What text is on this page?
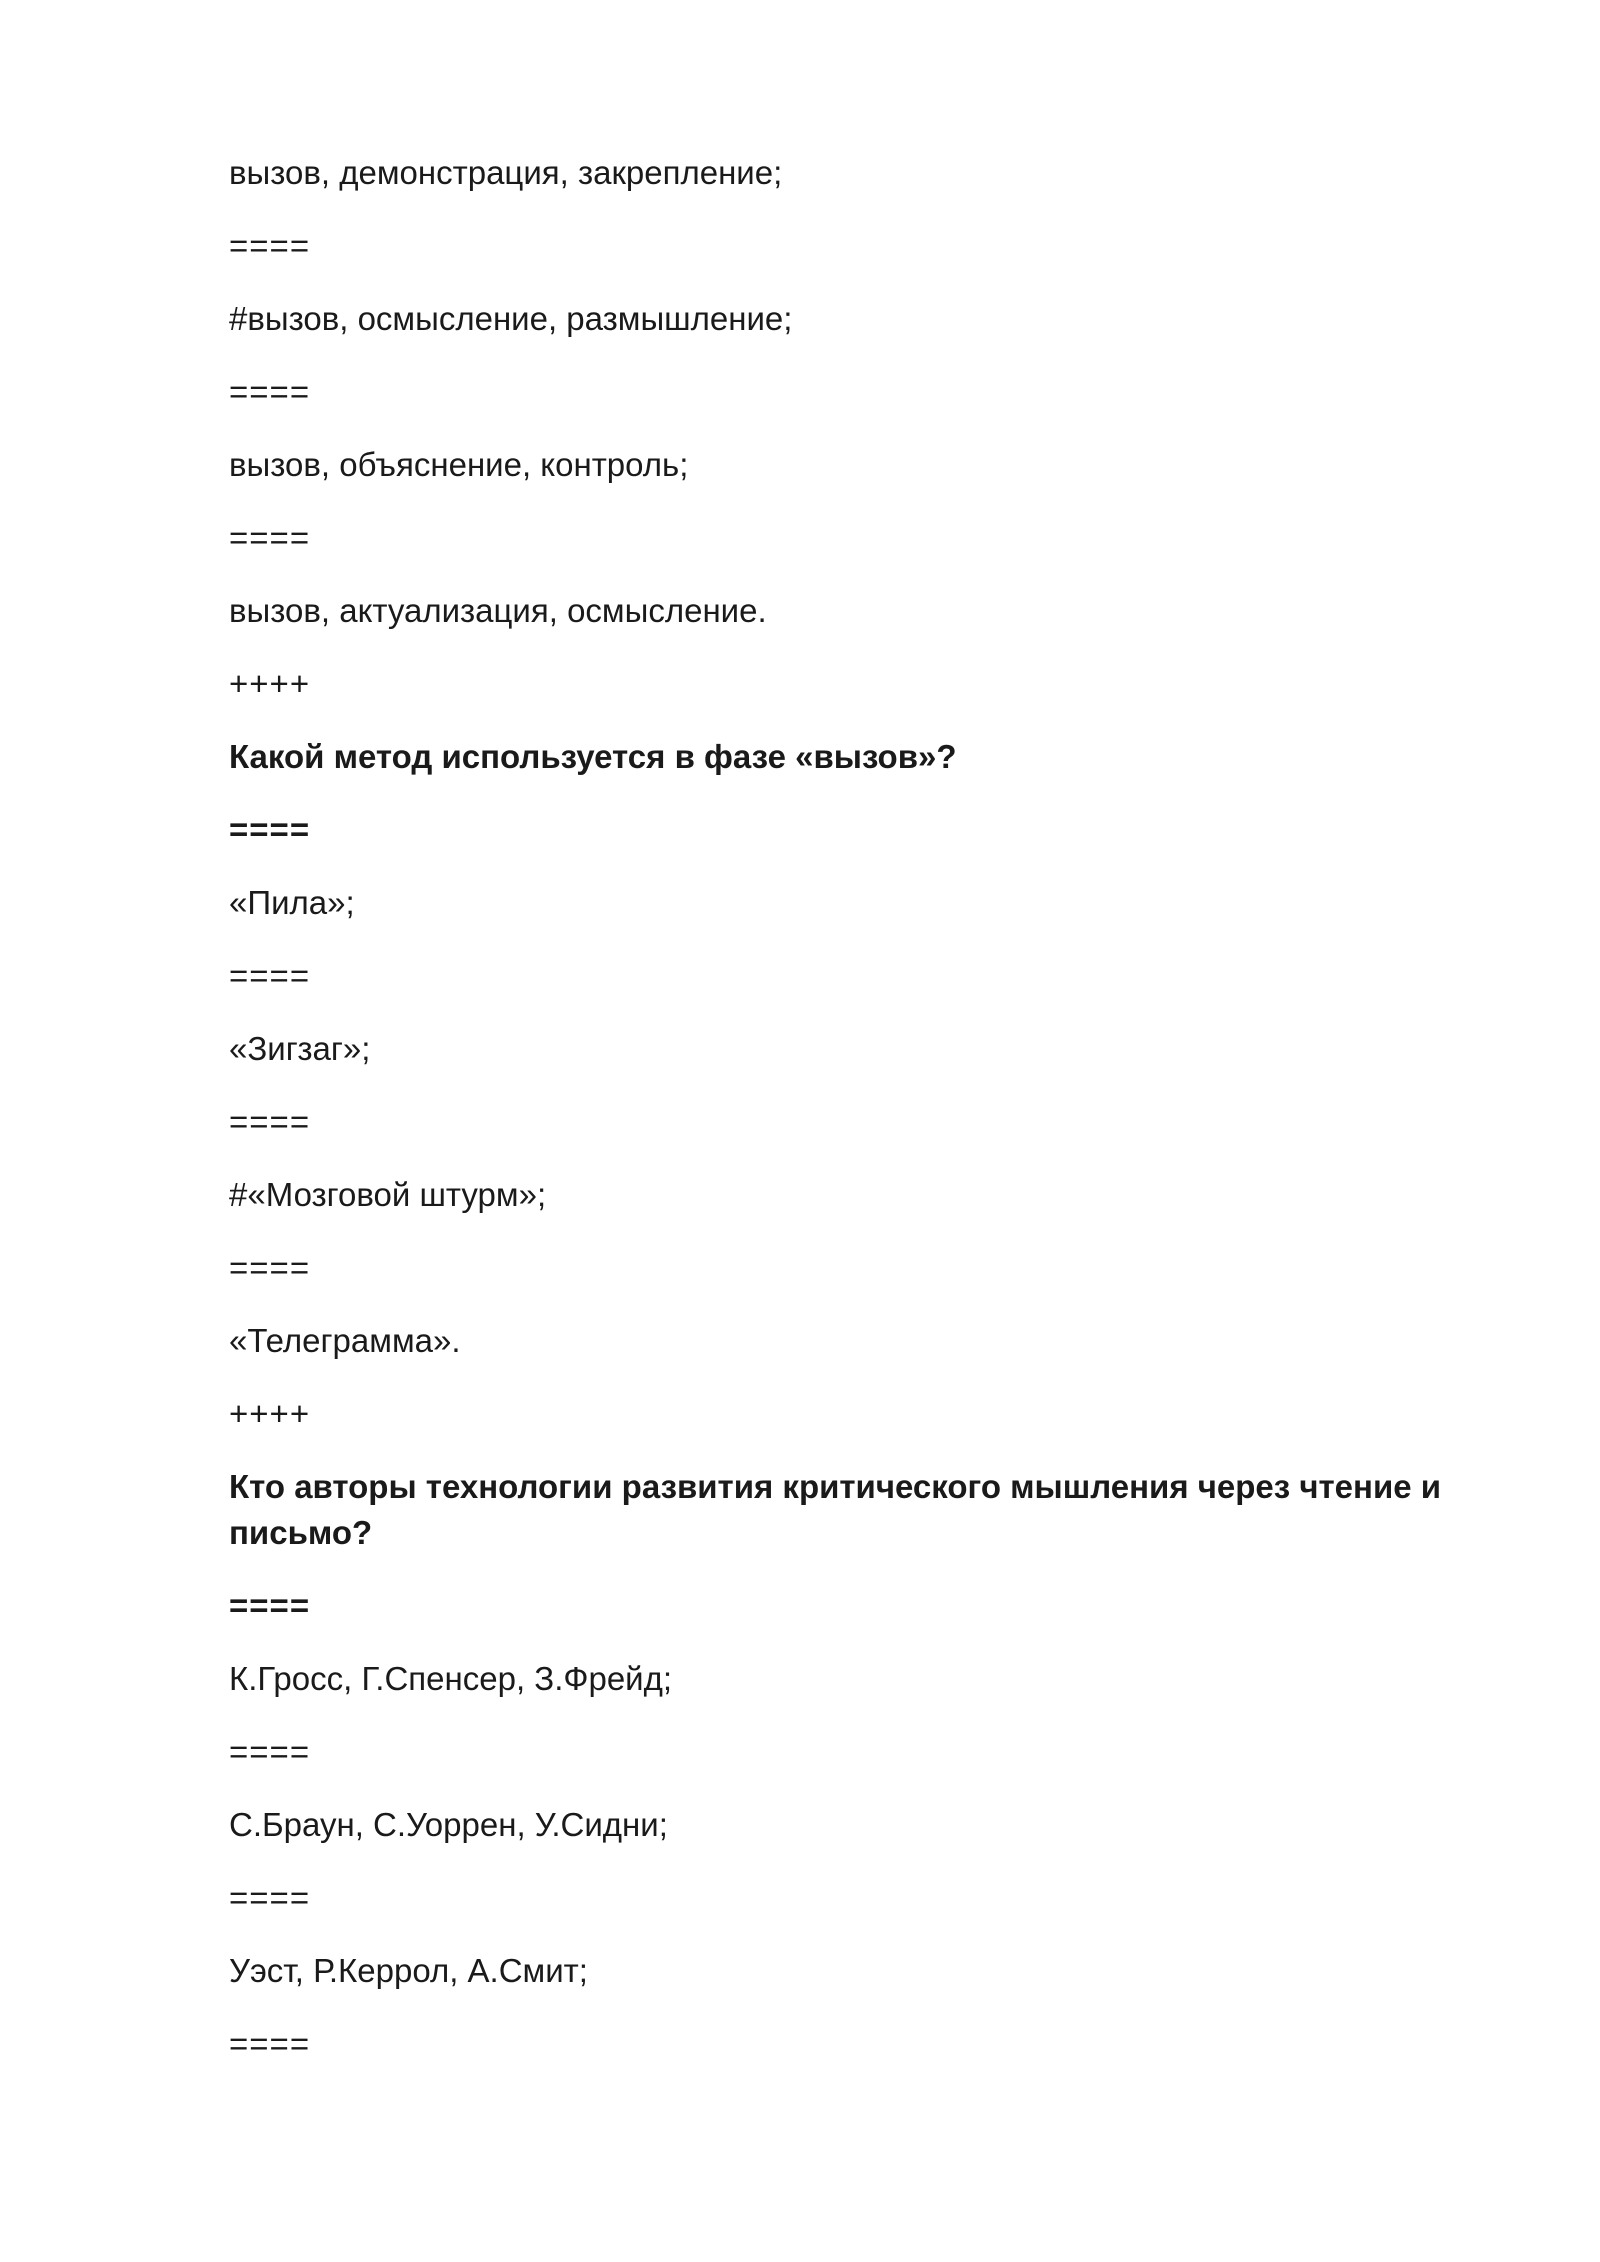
вызов, демонстрация, закрепление;

====

#вызов, осмысление, размышление;

====

вызов, объяснение, контроль;

====

вызов, актуализация, осмысление.

++++

Какой метод используется в фазе «вызов»?

====

«Пила»;

====

«Зигзаг»;

====

#«Мозговой штурм»;

====

«Телеграмма».

++++

Кто авторы технологии развития критического мышления через чтение и письмо?

====

К.Гросс, Г.Спенсер, З.Фрейд;

====

С.Браун, С.Уоррен, У.Сидни;

====

Уэст, Р.Керрол, А.Смит;

====
